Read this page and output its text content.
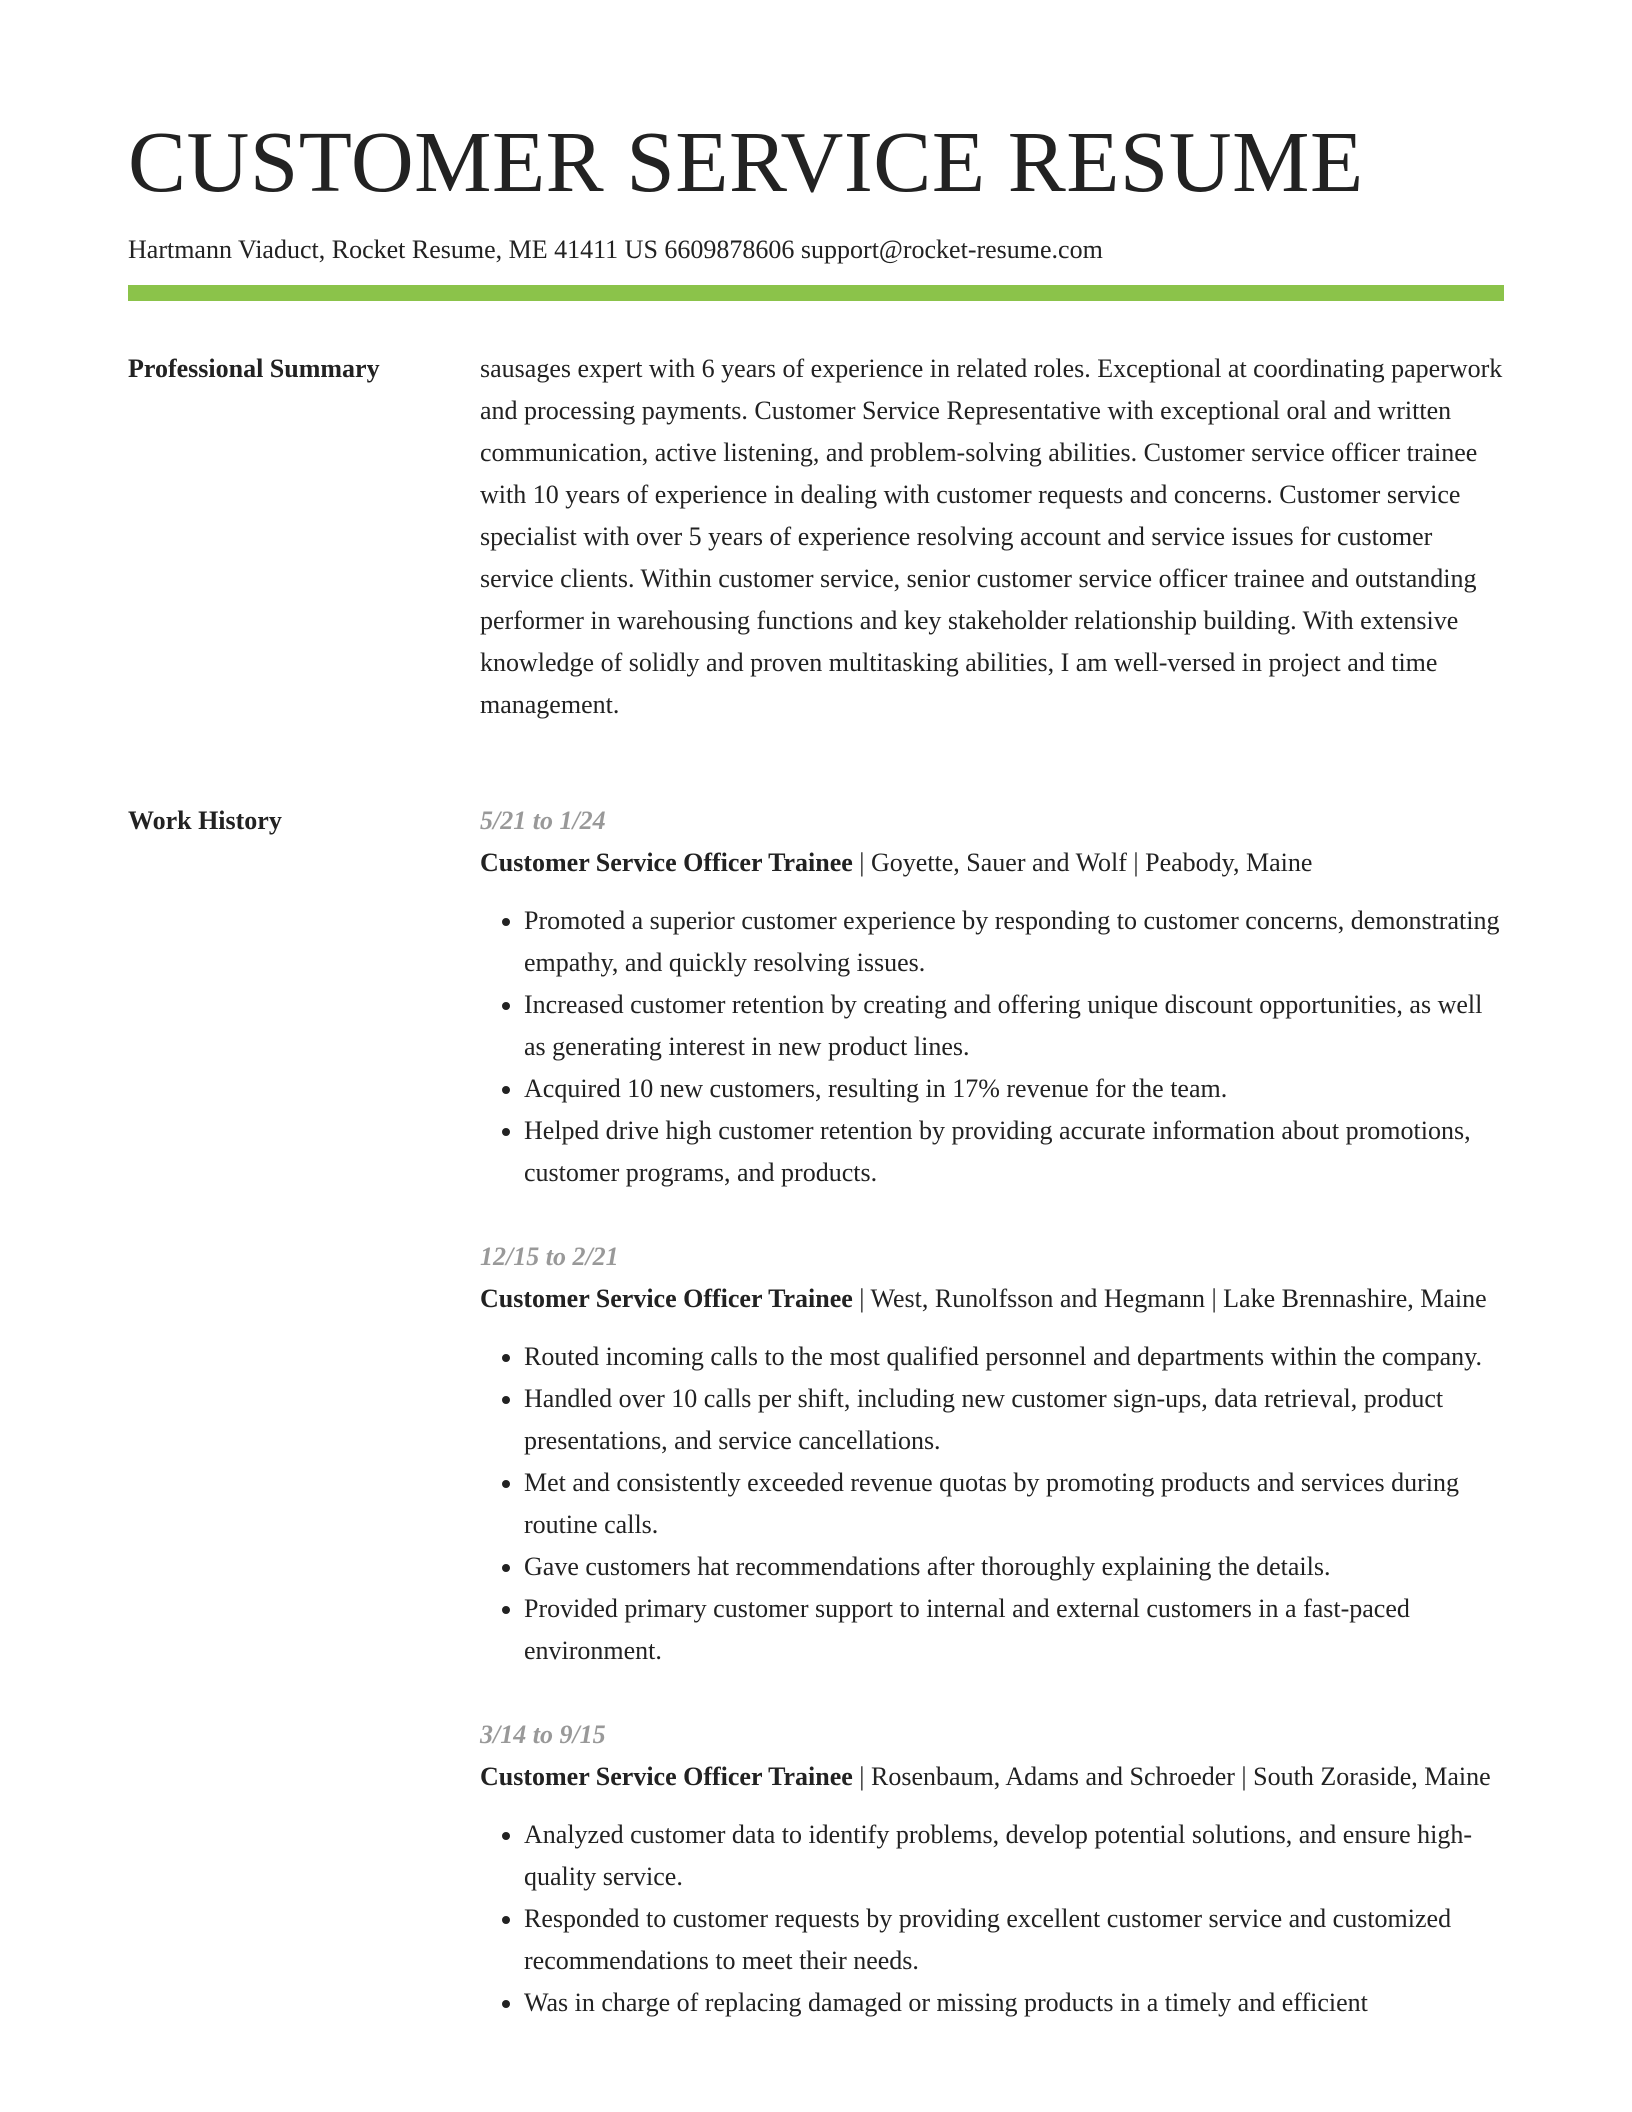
CUSTOMER SERVICE RESUME
Hartmann Viaduct, Rocket Resume, ME 41411 US 6609878606 support@rocket-resume.com
Professional Summary	sausages expert with 6 years of experience in related roles. Exceptional at coordinating paperwork and processing payments. Customer Service Representative with exceptional oral and written communication, active listening, and problem-solving abilities. Customer service officer trainee with 10 years of experience in dealing with customer requests and concerns. Customer service specialist with over 5 years of experience resolving account and service issues for customer service clients. Within customer service, senior customer service officer trainee and outstanding performer in warehousing functions and key stakeholder relationship building. With extensive knowledge of solidly and proven multitasking abilities, I am well-versed in project and time management.

Work History	5/21 to 1/24

Customer Service Officer Trainee | Goyette, Sauer and Wolf | Peabody, Maine

• Promoted a superior customer experience by responding to customer concerns, demonstrating empathy, and quickly resolving issues.
• Increased customer retention by creating and offering unique discount opportunities, as well as generating interest in new product lines.
• Acquired 10 new customers, resulting in 17% revenue for the team.
• Helped drive high customer retention by providing accurate information about promotions, customer programs, and products.
12/15 to 2/21

Customer Service Officer Trainee | West, Runolfsson and Hegmann | Lake Brennashire, Maine

• Routed incoming calls to the most qualified personnel and departments within the company.
• Handled over 10 calls per shift, including new customer sign-ups, data retrieval, product presentations, and service cancellations.
• Met and consistently exceeded revenue quotas by promoting products and services during routine calls.
• Gave customers hat recommendations after thoroughly explaining the details.
• Provided primary customer support to internal and external customers in a fast-paced environment.
3/14 to 9/15

Customer Service Officer Trainee | Rosenbaum, Adams and Schroeder | South Zoraside, Maine

• Analyzed customer data to identify problems, develop potential solutions, and ensure high-quality service.
• Responded to customer requests by providing excellent customer service and customized recommendations to meet their needs.
• Was in charge of replacing damaged or missing products in a timely and efficient
